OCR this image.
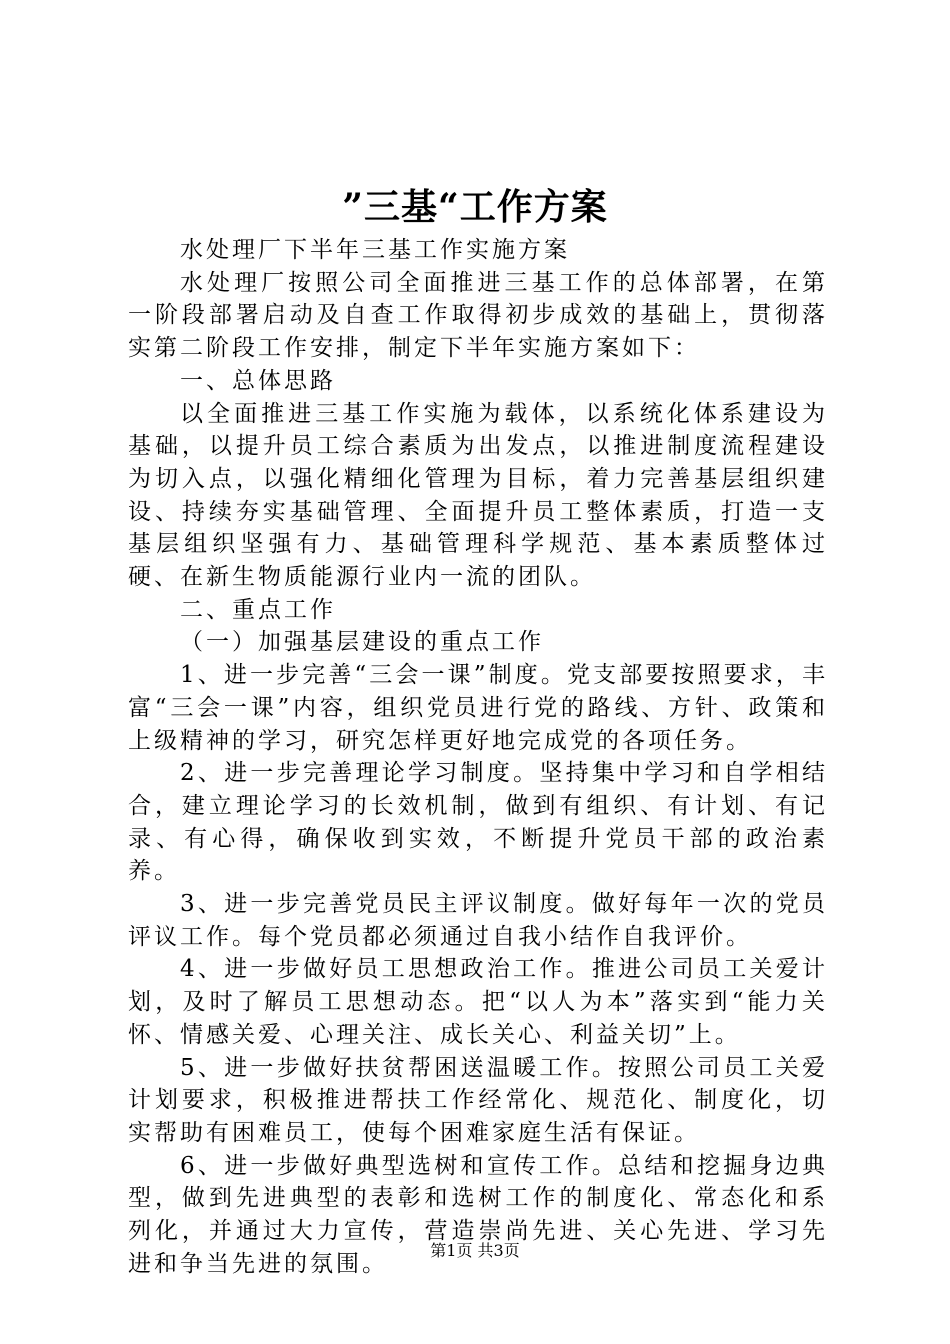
”三基“工作方案

水处理厂下半年三基工作实施方案

水处理厂按照公司全面推进三基工作的总体部署，在第一阶段部署启动及自查工作取得初步成效的基础上，贯彻落实第二阶段工作安排，制定下半年实施方案如下：

一、总体思路

以全面推进三基工作实施为载体，以系统化体系建设为基础，以提升员工综合素质为出发点，以推进制度流程建设为切入点，以强化精细化管理为目标，着力完善基层组织建设、持续夯实基础管理、全面提升员工整体素质，打造一支基层组织坚强有力、基础管理科学规范、基本素质整体过硬、在新生物质能源行业内一流的团队。

二、重点工作

（一）加强基层建设的重点工作

1、进一步完善“三会一课”制度。党支部要按照要求，丰富“三会一课”内容，组织党员进行党的路线、方针、政策和上级精神的学习，研究怎样更好地完成党的各项任务。

2、进一步完善理论学习制度。坚持集中学习和自学相结合，建立理论学习的长效机制，做到有组织、有计划、有记录、有心得，确保收到实效，不断提升党员干部的政治素养。

3、进一步完善党员民主评议制度。做好每年一次的党员评议工作。每个党员都必须通过自我小结作自我评价。

4、进一步做好员工思想政治工作。推进公司员工关爱计划，及时了解员工思想动态。把“以人为本”落实到“能力关怀、情感关爱、心理关注、成长关心、利益关切”上。

5、进一步做好扶贫帮困送温暖工作。按照公司员工关爱计划要求，积极推进帮扶工作经常化、规范化、制度化，切实帮助有困难员工，使每个困难家庭生活有保证。

6、进一步做好典型选树和宣传工作。总结和挖掘身边典型，做到先进典型的表彰和选树工作的制度化、常态化和系列化，并通过大力宣传，营造崇尚先进、关心先进、学习先进和争当先进的氛围。

第1页 共3页
